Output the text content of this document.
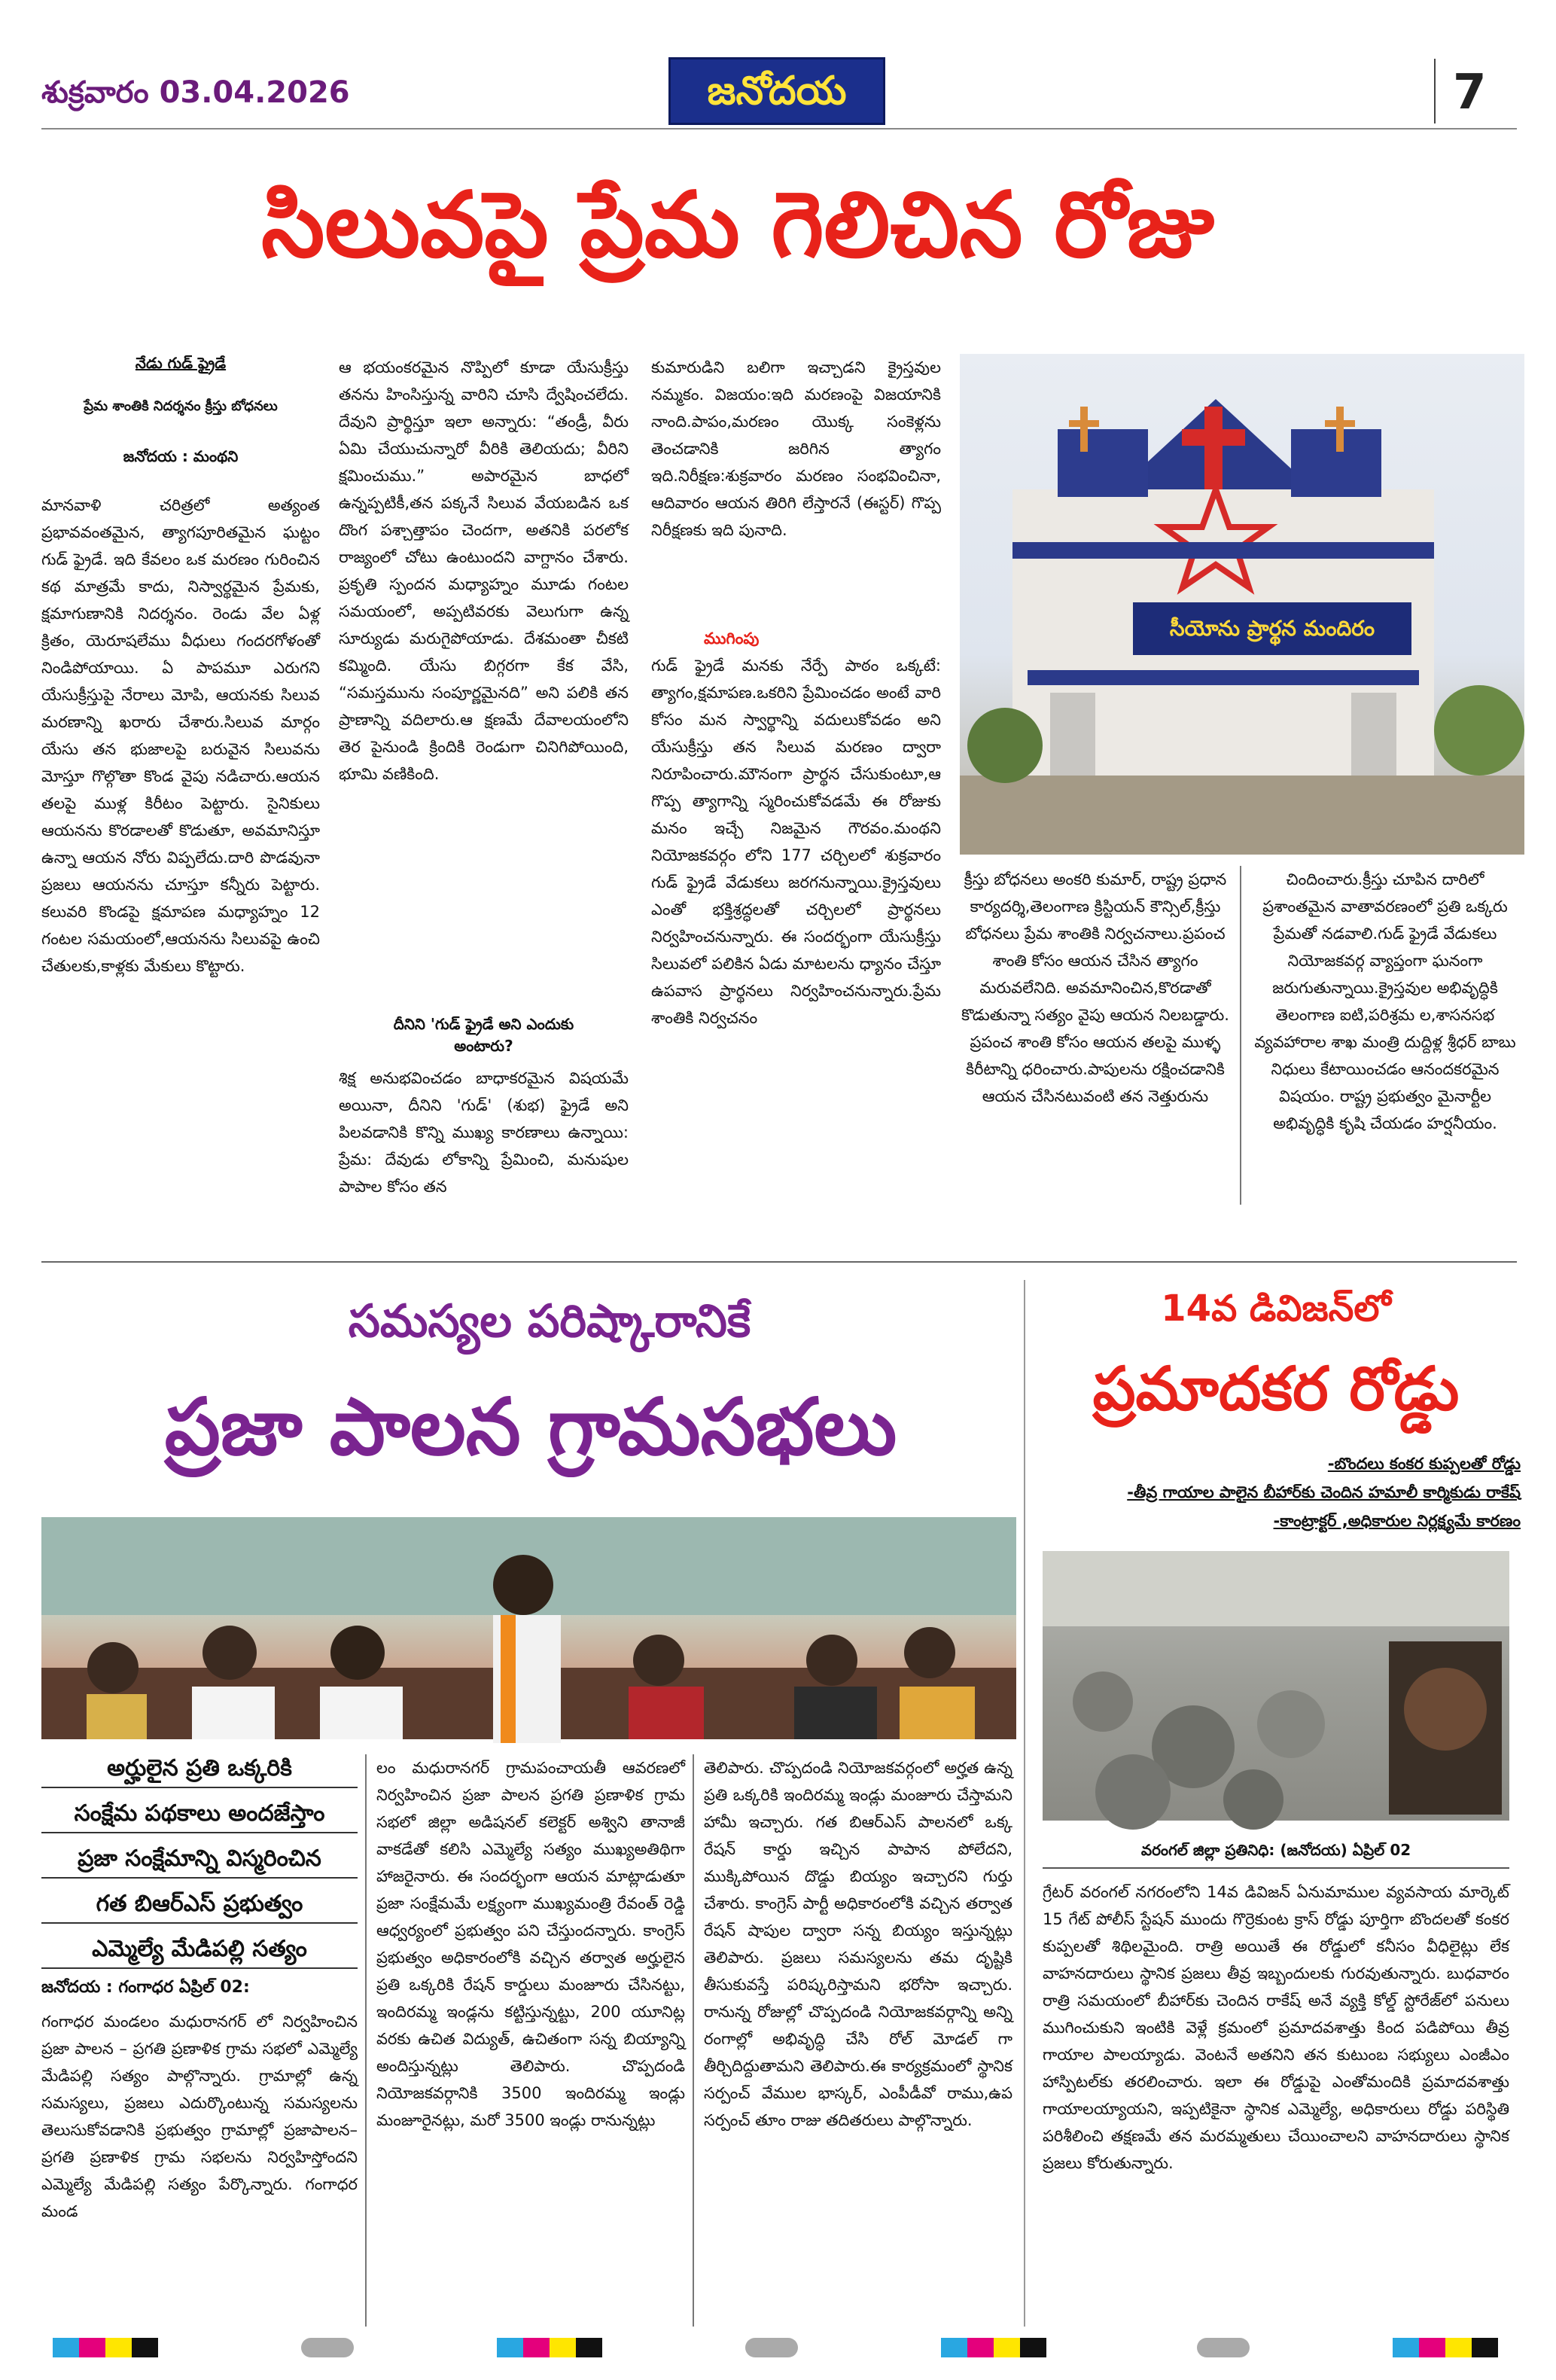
శుక్రవారం 03.04.2026	జనోదయ	7
సిలువపై ప్రేమ గెలిచిన రోజు
నేడు గుడ్ ఫ్రైడే
ప్రేమ శాంతికి నిదర్శనం క్రీస్తు బోధనలు
జనోదయ : మంథని
మానవాళి చరిత్రలో అత్యంత ప్రభావవంతమైన, త్యాగపూరితమైన ఘట్టం గుడ్ ఫ్రైడే. ఇది కేవలం ఒక మరణం గురించిన కథ మాత్రమే కాదు, నిస్వార్థమైన ప్రేమకు, క్షమాగుణానికి నిదర్శనం. రెండు వేల ఏళ్ల క్రితం, యెరూషలేము వీధులు గందరగోళంతో నిండిపోయాయి. ఏ పాపమూ ఎరుగని యేసుక్రీస్తుపై నేరాలు మోపి, ఆయనకు సిలువ మరణాన్ని ఖరారు చేశారు.సిలువ మార్గం యేసు తన భుజాలపై బరువైన సిలువను మోస్తూ గొల్గొతా కొండ వైపు నడిచారు.ఆయన తలపై ముళ్ల కిరీటం పెట్టారు. సైనికులు ఆయనను కొరడాలతో కొడుతూ, అవమానిస్తూ ఉన్నా ఆయన నోరు విప్పలేదు.దారి పొడవునా ప్రజలు ఆయనను చూస్తూ కన్నీరు పెట్టారు. కలువరి కొండపై క్షమాపణ మధ్యాహ్నం 12 గంటల సమయంలో,ఆయనను సిలువపై ఉంచి చేతులకు,కాళ్లకు మేకులు కొట్టారు.
ఆ భయంకరమైన నొప్పిలో కూడా యేసుక్రీస్తు తనను హింసిస్తున్న వారిని చూసి ద్వేషించలేదు. దేవుని ప్రార్థిస్తూ ఇలా అన్నారు: “తండ్రీ, వీరు ఏమి చేయుచున్నారో వీరికి తెలియదు; వీరిని క్షమించుము.” అపారమైన బాధలో ఉన్నప్పటికీ,తన పక్కనే సిలువ వేయబడిన ఒక దొంగ పశ్చాత్తాపం చెందగా, అతనికి పరలోక రాజ్యంలో చోటు ఉంటుందని వాగ్దానం చేశారు. ప్రకృతి స్పందన మధ్యాహ్నం మూడు గంటల సమయంలో, అప్పటివరకు వెలుగుగా ఉన్న సూర్యుడు మరుగైపోయాడు. దేశమంతా చీకటి కమ్మింది. యేసు బిగ్గరగా కేక వేసి, “సమస్తమును సంపూర్ణమైనది” అని పలికి తన ప్రాణాన్ని వదిలారు.ఆ క్షణమే దేవాలయంలోని తెర పైనుండి క్రిందికి రెండుగా చినిగిపోయింది, భూమి వణికింది.
దీనిని 'గుడ్ ఫ్రైడే అని ఎందుకు అంటారు?
శిక్ష అనుభవించడం బాధాకరమైన విషయమే అయినా, దీనిని 'గుడ్' (శుభ) ఫ్రైడే అని పిలవడానికి కొన్ని ముఖ్య కారణాలు ఉన్నాయి: ప్రేమ: దేవుడు లోకాన్ని ప్రేమించి, మనుషుల పాపాల కోసం తన
కుమారుడిని బలిగా ఇచ్చాడని క్రైస్తవుల నమ్మకం. విజయం:ఇది మరణంపై విజయానికి నాంది.పాపం,మరణం యొక్క సంకెళ్లను తెంచడానికి జరిగిన త్యాగం ఇది.నిరీక్షణ:శుక్రవారం మరణం సంభవించినా, ఆదివారం ఆయన తిరిగి లేస్తారనే (ఈస్టర్) గొప్ప నిరీక్షణకు ఇది పునాది.
ముగింపు
గుడ్ ఫ్రైడే మనకు నేర్పే పాఠం ఒక్కటే: త్యాగం,క్షమాపణ.ఒకరిని ప్రేమించడం అంటే వారి కోసం మన స్వార్థాన్ని వదులుకోవడం అని యేసుక్రీస్తు తన సిలువ మరణం ద్వారా నిరూపించారు.మౌనంగా ప్రార్థన చేసుకుంటూ,ఆ గొప్ప త్యాగాన్ని స్మరించుకోవడమే ఈ రోజుకు మనం ఇచ్చే నిజమైన గౌరవం.మంథని నియోజకవర్గం లోని 177 చర్చిలలో శుక్రవారం గుడ్ ఫ్రైడే వేడుకలు జరగనున్నాయి.క్రైస్తవులు ఎంతో భక్తిశ్రద్ధలతో చర్చిలలో ప్రార్థనలు నిర్వహించనున్నారు. ఈ సందర్భంగా యేసుక్రీస్తు సిలువలో పలికిన ఏడు మాటలను ధ్యానం చేస్తూ ఉపవాస ప్రార్థనలు నిర్వహించనున్నారు.ప్రేమ శాంతికి నిర్వచనం
సీయోను ప్రార్థన మందిరం
క్రీస్తు బోధనలు అంకరి కుమార్, రాష్ట్ర ప్రధాన కార్యదర్శి,తెలంగాణ క్రిస్టియన్ కౌన్సిల్,క్రీస్తు బోధనలు ప్రేమ శాంతికి నిర్వచనాలు.ప్రపంచ శాంతి కోసం ఆయన చేసిన త్యాగం మరువలేనిది. అవమానించిన,కొరడాతో కొడుతున్నా సత్యం వైపు ఆయన నిలబడ్డారు. ప్రపంచ శాంతి కోసం ఆయన తలపై ముళ్ళ కిరీటాన్ని ధరించారు.పాపులను రక్షించడానికి ఆయన చేసినటువంటి తన నెత్తురును
చిందించారు.క్రీస్తు చూపిన దారిలో ప్రశాంతమైన వాతావరణంలో ప్రతి ఒక్కరు ప్రేమతో నడవాలి.గుడ్ ఫ్రైడే వేడుకలు నియోజకవర్గ వ్యాప్తంగా ఘనంగా జరుగుతున్నాయి.క్రైస్తవుల అభివృద్ధికి తెలంగాణ ఐటి,పరిశ్రమ ల,శాసనసభ వ్యవహారాల శాఖ మంత్రి దుద్దిళ్ల శ్రీధర్ బాబు నిధులు కేటాయించడం ఆనందకరమైన విషయం. రాష్ట్ర ప్రభుత్వం మైనార్టీల అభివృద్ధికి కృషి చేయడం హర్షనీయం.
సమస్యల పరిష్కారానికే
ప్రజా పాలన గ్రామసభలు
అర్హులైన ప్రతి ఒక్కరికి
సంక్షేమ పథకాలు అందజేస్తాం
ప్రజా సంక్షేమాన్ని విస్మరించిన
గత బిఆర్ఎస్ ప్రభుత్వం
ఎమ్మెల్యే మేడిపల్లి సత్యం
జనోదయ : గంగాధర ఏప్రిల్ 02:
గంగాధర మండలం మధురానగర్ లో నిర్వహించిన ప్రజా పాలన – ప్రగతి ప్రణాళిక గ్రామ సభలో ఎమ్మెల్యే మేడిపల్లి సత్యం పాల్గొన్నారు. గ్రామాల్లో ఉన్న సమస్యలు, ప్రజలు ఎదుర్కొంటున్న సమస్యలను తెలుసుకోవడానికి ప్రభుత్వం గ్రామాల్లో ప్రజాపాలన–ప్రగతి ప్రణాళిక గ్రామ సభలను నిర్వహిస్తోందని ఎమ్మెల్యే మేడిపల్లి సత్యం పేర్కొన్నారు. గంగాధర మండ
లం మధురానగర్ గ్రామపంచాయతీ ఆవరణలో నిర్వహించిన ప్రజా పాలన ప్రగతి ప్రణాళిక గ్రామ సభలో జిల్లా అడిషనల్ కలెక్టర్ అశ్విని తానాజీ వాకడేతో కలిసి ఎమ్మెల్యే సత్యం ముఖ్యఅతిథిగా హాజరైనారు. ఈ సందర్భంగా ఆయన మాట్లాడుతూ ప్రజా సంక్షేమమే లక్ష్యంగా ముఖ్యమంత్రి రేవంత్ రెడ్డి ఆధ్వర్యంలో ప్రభుత్వం పని చేస్తుందన్నారు. కాంగ్రెస్ ప్రభుత్వం అధికారంలోకి వచ్చిన తర్వాత అర్హులైన ప్రతి ఒక్కరికి రేషన్ కార్డులు మంజూరు చేసినట్టు, ఇందిరమ్మ ఇండ్లను కట్టిస్తున్నట్టు, 200 యూనిట్ల వరకు ఉచిత విద్యుత్, ఉచితంగా సన్న బియ్యాన్ని అందిస్తున్నట్లు తెలిపారు. చొప్పదండి నియోజకవర్గానికి 3500 ఇందిరమ్మ ఇండ్లు మంజూరైనట్లు, మరో 3500 ఇండ్లు రానున్నట్లు
తెలిపారు. చొప్పదండి నియోజకవర్గంలో అర్హత ఉన్న ప్రతి ఒక్కరికి ఇందిరమ్మ ఇండ్లు మంజూరు చేస్తామని హామీ ఇచ్చారు. గత బిఆర్ఎస్ పాలనలో ఒక్క రేషన్ కార్డు ఇచ్చిన పాపాన పోలేదని, ముక్కిపోయిన దొడ్డు బియ్యం ఇచ్చారని గుర్తు చేశారు. కాంగ్రెస్ పార్టీ అధికారంలోకి వచ్చిన తర్వాత రేషన్ షాపుల ద్వారా సన్న బియ్యం ఇస్తున్నట్లు తెలిపారు. ప్రజలు సమస్యలను తమ దృష్టికి తీసుకువస్తే పరిష్కరిస్తామని భరోసా ఇచ్చారు. రానున్న రోజుల్లో చొప్పదండి నియోజకవర్గాన్ని అన్ని రంగాల్లో అభివృద్ధి చేసి రోల్ మోడల్ గా తీర్చిదిద్దుతామని తెలిపారు.ఈ కార్యక్రమంలో స్థానిక సర్పంచ్ వేముల భాస్కర్, ఎంపీడీవో రాము,ఉప సర్పంచ్ తూం రాజు తదితరులు పాల్గొన్నారు.
14వ డివిజన్‌లో
ప్రమాదకర రోడ్డు
-బొందలు కంకర కుప్పలతో రోడ్డు
-తీవ్ర గాయాల పాలైన బీహార్‌కు చెందిన హమాలీ కార్మికుడు రాకేష్
-కాంట్రాక్టర్ ,అధికారుల నిర్లక్ష్యమే కారణం
వరంగల్ జిల్లా ప్రతినిధి: (జనోదయ) ఏప్రిల్ 02
గ్రేటర్ వరంగల్ నగరంలోని 14వ డివిజన్ ఏనుమాముల వ్యవసాయ మార్కెట్ 15 గేట్ పోలీస్ స్టేషన్ ముందు గొర్రెకుంట క్రాస్ రోడ్డు పూర్తిగా బొందలతో కంకర కుప్పలతో శిథిలమైంది. రాత్రి అయితే ఈ రోడ్డులో కనీసం వీధిలైట్లు లేక వాహనదారులు స్థానిక ప్రజలు తీవ్ర ఇబ్బందులకు గురవుతున్నారు. బుధవారం రాత్రి సమయంలో బీహార్‌కు చెందిన రాకేష్ అనే వ్యక్తి కోల్డ్ స్టోరేజ్‌లో పనులు ముగించుకుని ఇంటికి వెళ్లే క్రమంలో ప్రమాదవశాత్తు కింద పడిపోయి తీవ్ర గాయాల పాలయ్యాడు. వెంటనే అతనిని తన కుటుంబ సభ్యులు ఎంజీఎం హాస్పిటల్‌కు తరలించారు. ఇలా ఈ రోడ్డుపై ఎంతోమందికి ప్రమాదవశాత్తు గాయాలయ్యాయని, ఇప్పటికైనా స్థానిక ఎమ్మెల్యే, అధికారులు రోడ్డు పరిస్థితి పరిశీలించి తక్షణమే తన మరమ్మతులు చేయించాలని వాహనదారులు స్థానిక ప్రజలు కోరుతున్నారు.
